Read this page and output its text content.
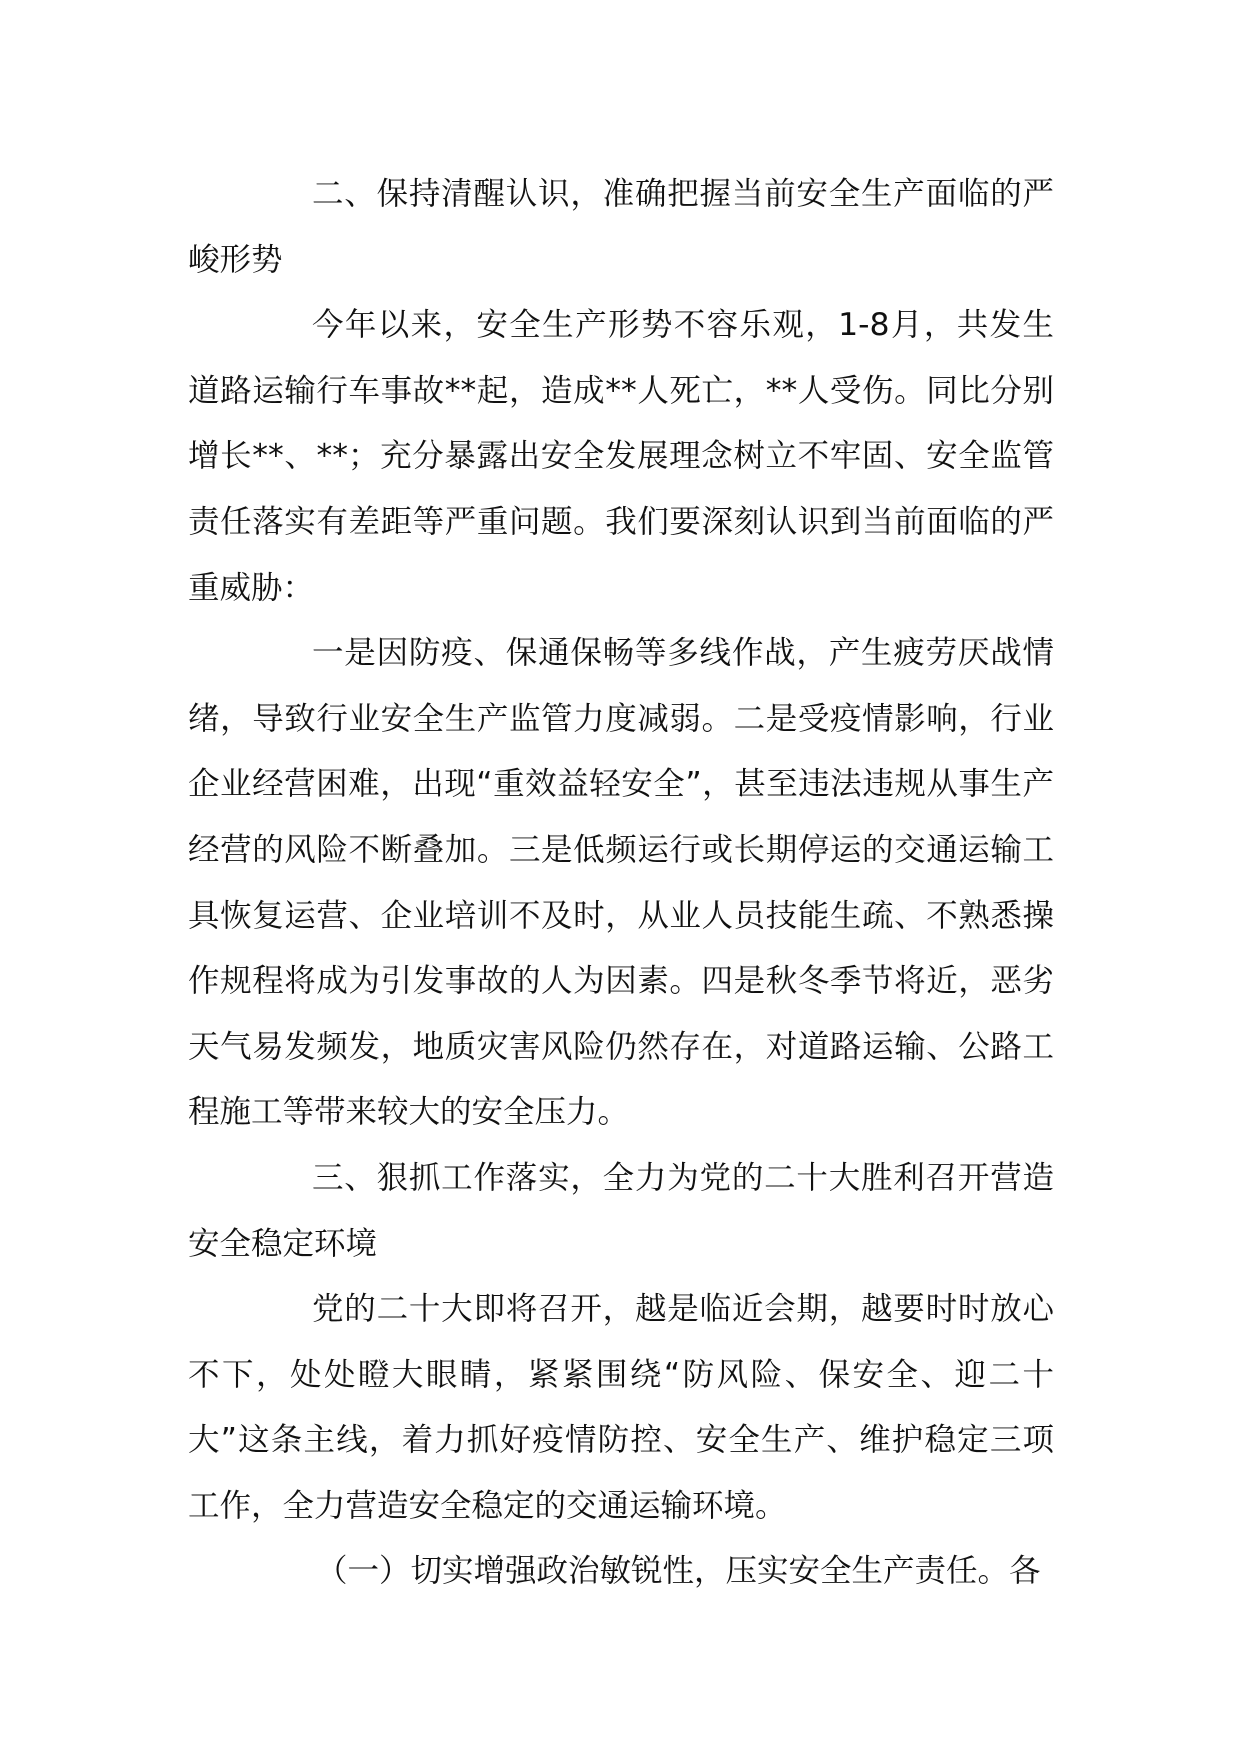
二、保持清醒认识，准确把握当前安全生产面临的严峻形势

今年以来，安全生产形势不容乐观，1-8月，共发生道路运输行车事故**起，造成**人死亡，**人受伤。同比分别增长**、**；充分暴露出安全发展理念树立不牢固、安全监管责任落实有差距等严重问题。我们要深刻认识到当前面临的严重威胁：

一是因防疫、保通保畅等多线作战，产生疲劳厌战情绪，导致行业安全生产监管力度减弱。二是受疫情影响，行业企业经营困难，出现“重效益轻安全”，甚至违法违规从事生产经营的风险不断叠加。三是低频运行或长期停运的交通运输工具恢复运营、企业培训不及时，从业人员技能生疏、不熟悉操作规程将成为引发事故的人为因素。四是秋冬季节将近，恶劣天气易发频发，地质灾害风险仍然存在，对道路运输、公路工程施工等带来较大的安全压力。

三、狠抓工作落实，全力为党的二十大胜利召开营造安全稳定环境

党的二十大即将召开，越是临近会期，越要时时放心不下，处处瞪大眼睛，紧紧围绕“防风险、保安全、迎二十大”这条主线，着力抓好疫情防控、安全生产、维护稳定三项工作，全力营造安全稳定的交通运输环境。

（一）切实增强政治敏锐性，压实安全生产责任。各
